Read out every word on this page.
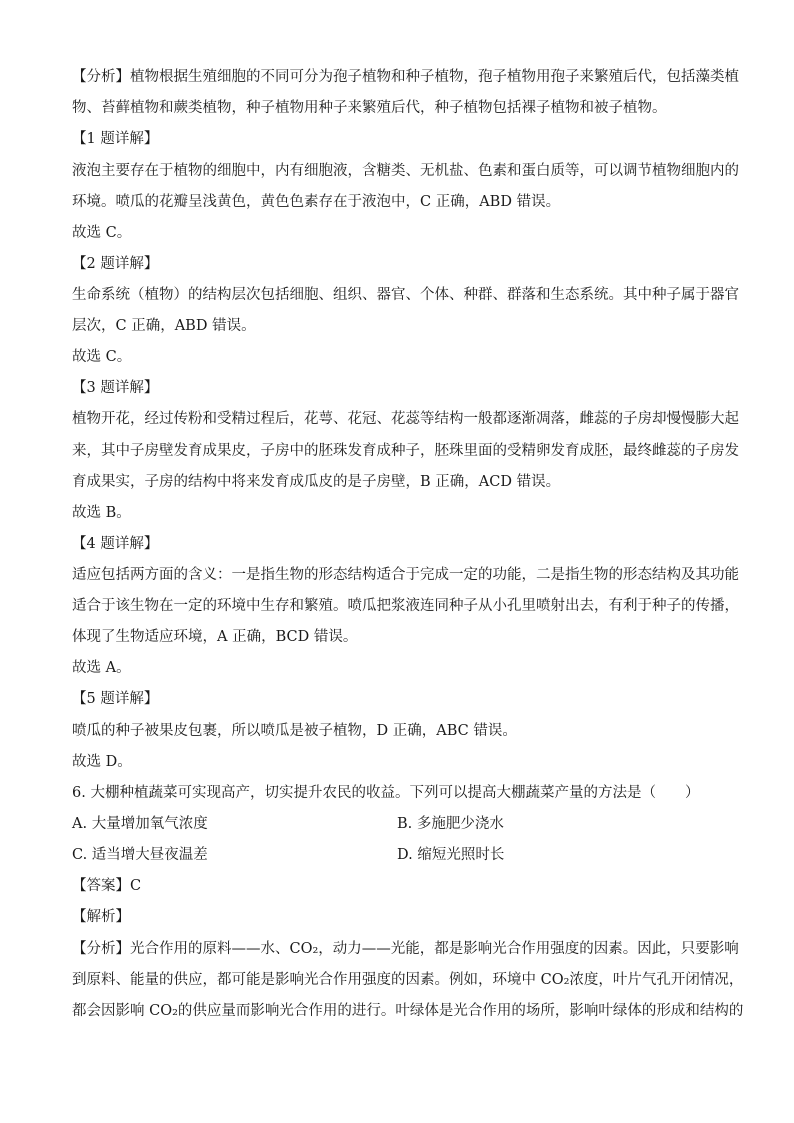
【分析】植物根据生殖细胞的不同可分为孢子植物和种子植物，孢子植物用孢子来繁殖后代，包括藻类植
物、苔藓植物和蕨类植物，种子植物用种子来繁殖后代，种子植物包括裸子植物和被子植物。
【1 题详解】
液泡主要存在于植物的细胞中，内有细胞液，含糖类、无机盐、色素和蛋白质等，可以调节植物细胞内的
环境。喷瓜的花瓣呈浅黄色，黄色色素存在于液泡中，C 正确，ABD 错误。
故选 C。
【2 题详解】
生命系统（植物）的结构层次包括细胞、组织、器官、个体、种群、群落和生态系统。其中种子属于器官
层次，C 正确，ABD 错误。
故选 C。
【3 题详解】
植物开花，经过传粉和受精过程后，花萼、花冠、花蕊等结构一般都逐渐凋落，雌蕊的子房却慢慢膨大起
来，其中子房壁发育成果皮，子房中的胚珠发育成种子，胚珠里面的受精卵发育成胚，最终雌蕊的子房发
育成果实，子房的结构中将来发育成瓜皮的是子房壁，B 正确，ACD 错误。
故选 B。
【4 题详解】
适应包括两方面的含义：一是指生物的形态结构适合于完成一定的功能，二是指生物的形态结构及其功能
适合于该生物在一定的环境中生存和繁殖。喷瓜把浆液连同种子从小孔里喷射出去，有利于种子的传播，
体现了生物适应环境，A 正确，BCD 错误。
故选 A。
【5 题详解】
喷瓜的种子被果皮包裹，所以喷瓜是被子植物，D 正确，ABC 错误。
故选 D。
6. 大棚种植蔬菜可实现高产，切实提升农民的收益。下列可以提高大棚蔬菜产量的方法是（　　）
A. 大量增加氧气浓度	B. 多施肥少浇水
C. 适当增大昼夜温差	D. 缩短光照时长
【答案】C
【解析】
【分析】光合作用的原料——水、CO₂，动力——光能，都是影响光合作用强度的因素。因此，只要影响
到原料、能量的供应，都可能是影响光合作用强度的因素。例如，环境中 CO₂浓度，叶片气孔开闭情况，
都会因影响 CO₂的供应量而影响光合作用的进行。叶绿体是光合作用的场所，影响叶绿体的形成和结构的
